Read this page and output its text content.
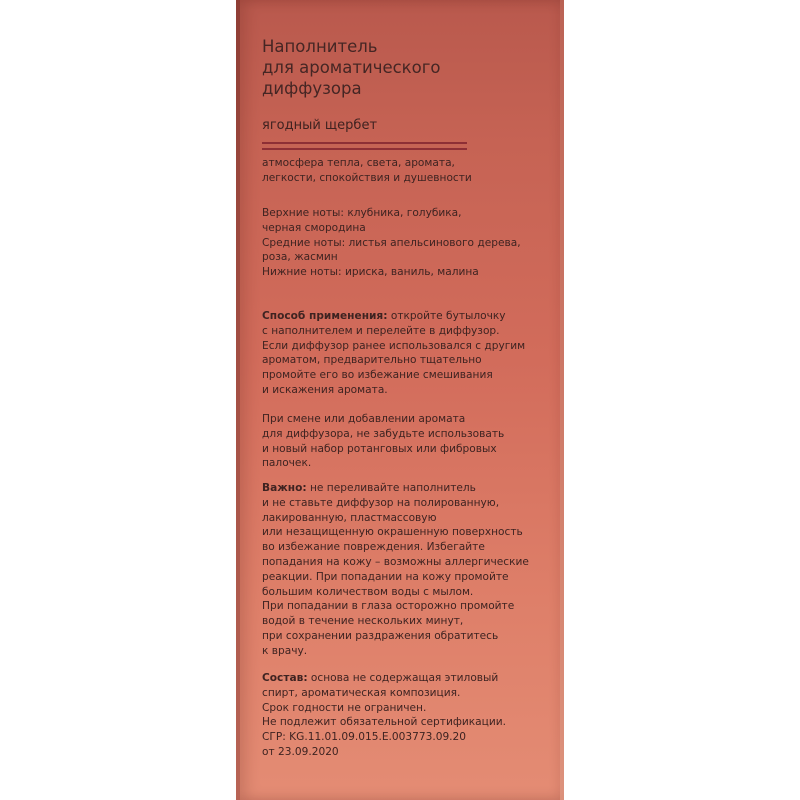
Наполнитель
для ароматического
диффузора

ягодный щербет

атмосфера тепла, света, аромата,

легкости, спокойствия и душевности

Верхние ноты: клубника, голубика,

черная смородина

Средние ноты: листья апельсинового дерева,

роза, жасмин

Нижние ноты: ириска, ваниль, малина

Способ применения: откройте бутылочку

с наполнителем и перелейте в диффузор.

Если диффузор ранее использовался с другим

ароматом, предварительно тщательно

промойте его во избежание смешивания

и искажения аромата.

При смене или добавлении аромата

для диффузора, не забудьте использовать

и новый набор ротанговых или фибровых

палочек.

Важно: не переливайте наполнитель

и не ставьте диффузор на полированную,

лакированную, пластмассовую

или незащищенную окрашенную поверхность

во избежание повреждения. Избегайте

попадания на кожу – возможны аллергические

реакции. При попадании на кожу промойте

большим количеством воды с мылом.

При попадании в глаза осторожно промойте

водой в течение нескольких минут,

при сохранении раздражения обратитесь

к врачу.

Состав: основа не содержащая этиловый

спирт, ароматическая композиция.

Срок годности не ограничен.

Не подлежит обязательной сертификации.

СГР: KG.11.01.09.015.Е.003773.09.20

от 23.09.2020
